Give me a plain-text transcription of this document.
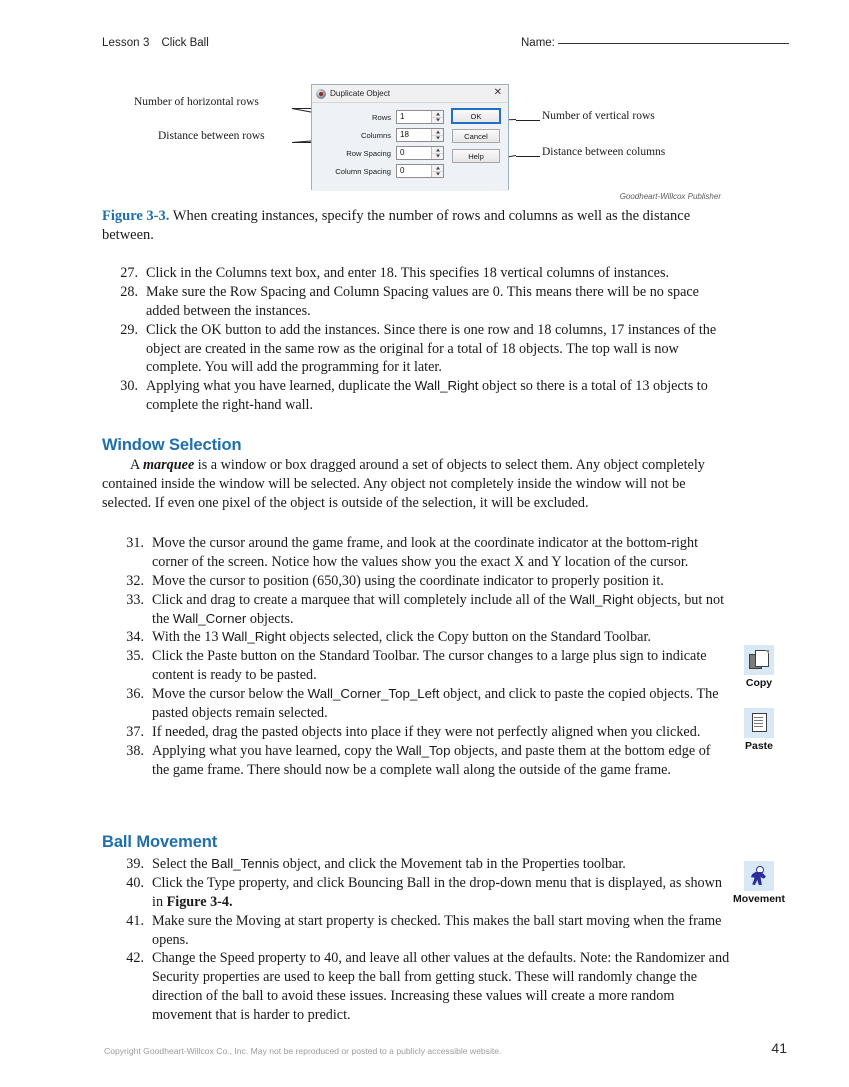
Lesson 3 Click Ball	Name:
Number of horizontal rows
Distance between rows
Number of vertical rows
Distance between columns
Duplicate Object	✕
Rows	1
Columns	18
Row Spacing	0
Column Spacing	0
OK
Cancel
Help
Goodheart-Willcox Publisher
Figure 3-3. When creating instances, specify the number of rows and columns as well as the distance between.
27. Click in the Columns text box, and enter 18. This specifies 18 vertical columns of instances.
28. Make sure the Row Spacing and Column Spacing values are 0. This means there will be no space added between the instances.
29. Click the OK button to add the instances. Since there is one row and 18 columns, 17 instances of the object are created in the same row as the original for a total of 18 objects. The top wall is now complete. You will add the programming for it later.
30. Applying what you have learned, duplicate the Wall_Right object so there is a total of 13 objects to complete the right-hand wall.
Window Selection
A marquee is a window or box dragged around a set of objects to select them. Any object completely contained inside the window will be selected. Any object not completely inside the window will not be selected. If even one pixel of the object is outside of the selection, it will be excluded.
31. Move the cursor around the game frame, and look at the coordinate indicator at the bottom-right corner of the screen. Notice how the values show you the exact X and Y location of the cursor.
32. Move the cursor to position (650,30) using the coordinate indicator to properly position it.
33. Click and drag to create a marquee that will completely include all of the Wall_Right objects, but not the Wall_Corner objects.
34. With the 13 Wall_Right objects selected, click the Copy button on the Standard Toolbar.
35. Click the Paste button on the Standard Toolbar. The cursor changes to a large plus sign to indicate content is ready to be pasted.
36. Move the cursor below the Wall_Corner_Top_Left object, and click to paste the copied objects. The pasted objects remain selected.
37. If needed, drag the pasted objects into place if they were not perfectly aligned when you clicked.
38. Applying what you have learned, copy the Wall_Top objects, and paste them at the bottom edge of the game frame. There should now be a complete wall along the outside of the game frame.
Ball Movement
39. Select the Ball_Tennis object, and click the Movement tab in the Properties toolbar.
40. Click the Type property, and click Bouncing Ball in the drop-down menu that is displayed, as shown in Figure 3-4.
41. Make sure the Moving at start property is checked. This makes the ball start moving when the frame opens.
42. Change the Speed property to 40, and leave all other values at the defaults. Note: the Randomizer and Security properties are used to keep the ball from getting stuck. These will randomly change the direction of the ball to avoid these issues. Increasing these values will create a more random movement that is harder to predict.
Copy
Paste
Movement
Copyright Goodheart-Willcox Co., Inc. May not be reproduced or posted to a publicly accessible website.	41
